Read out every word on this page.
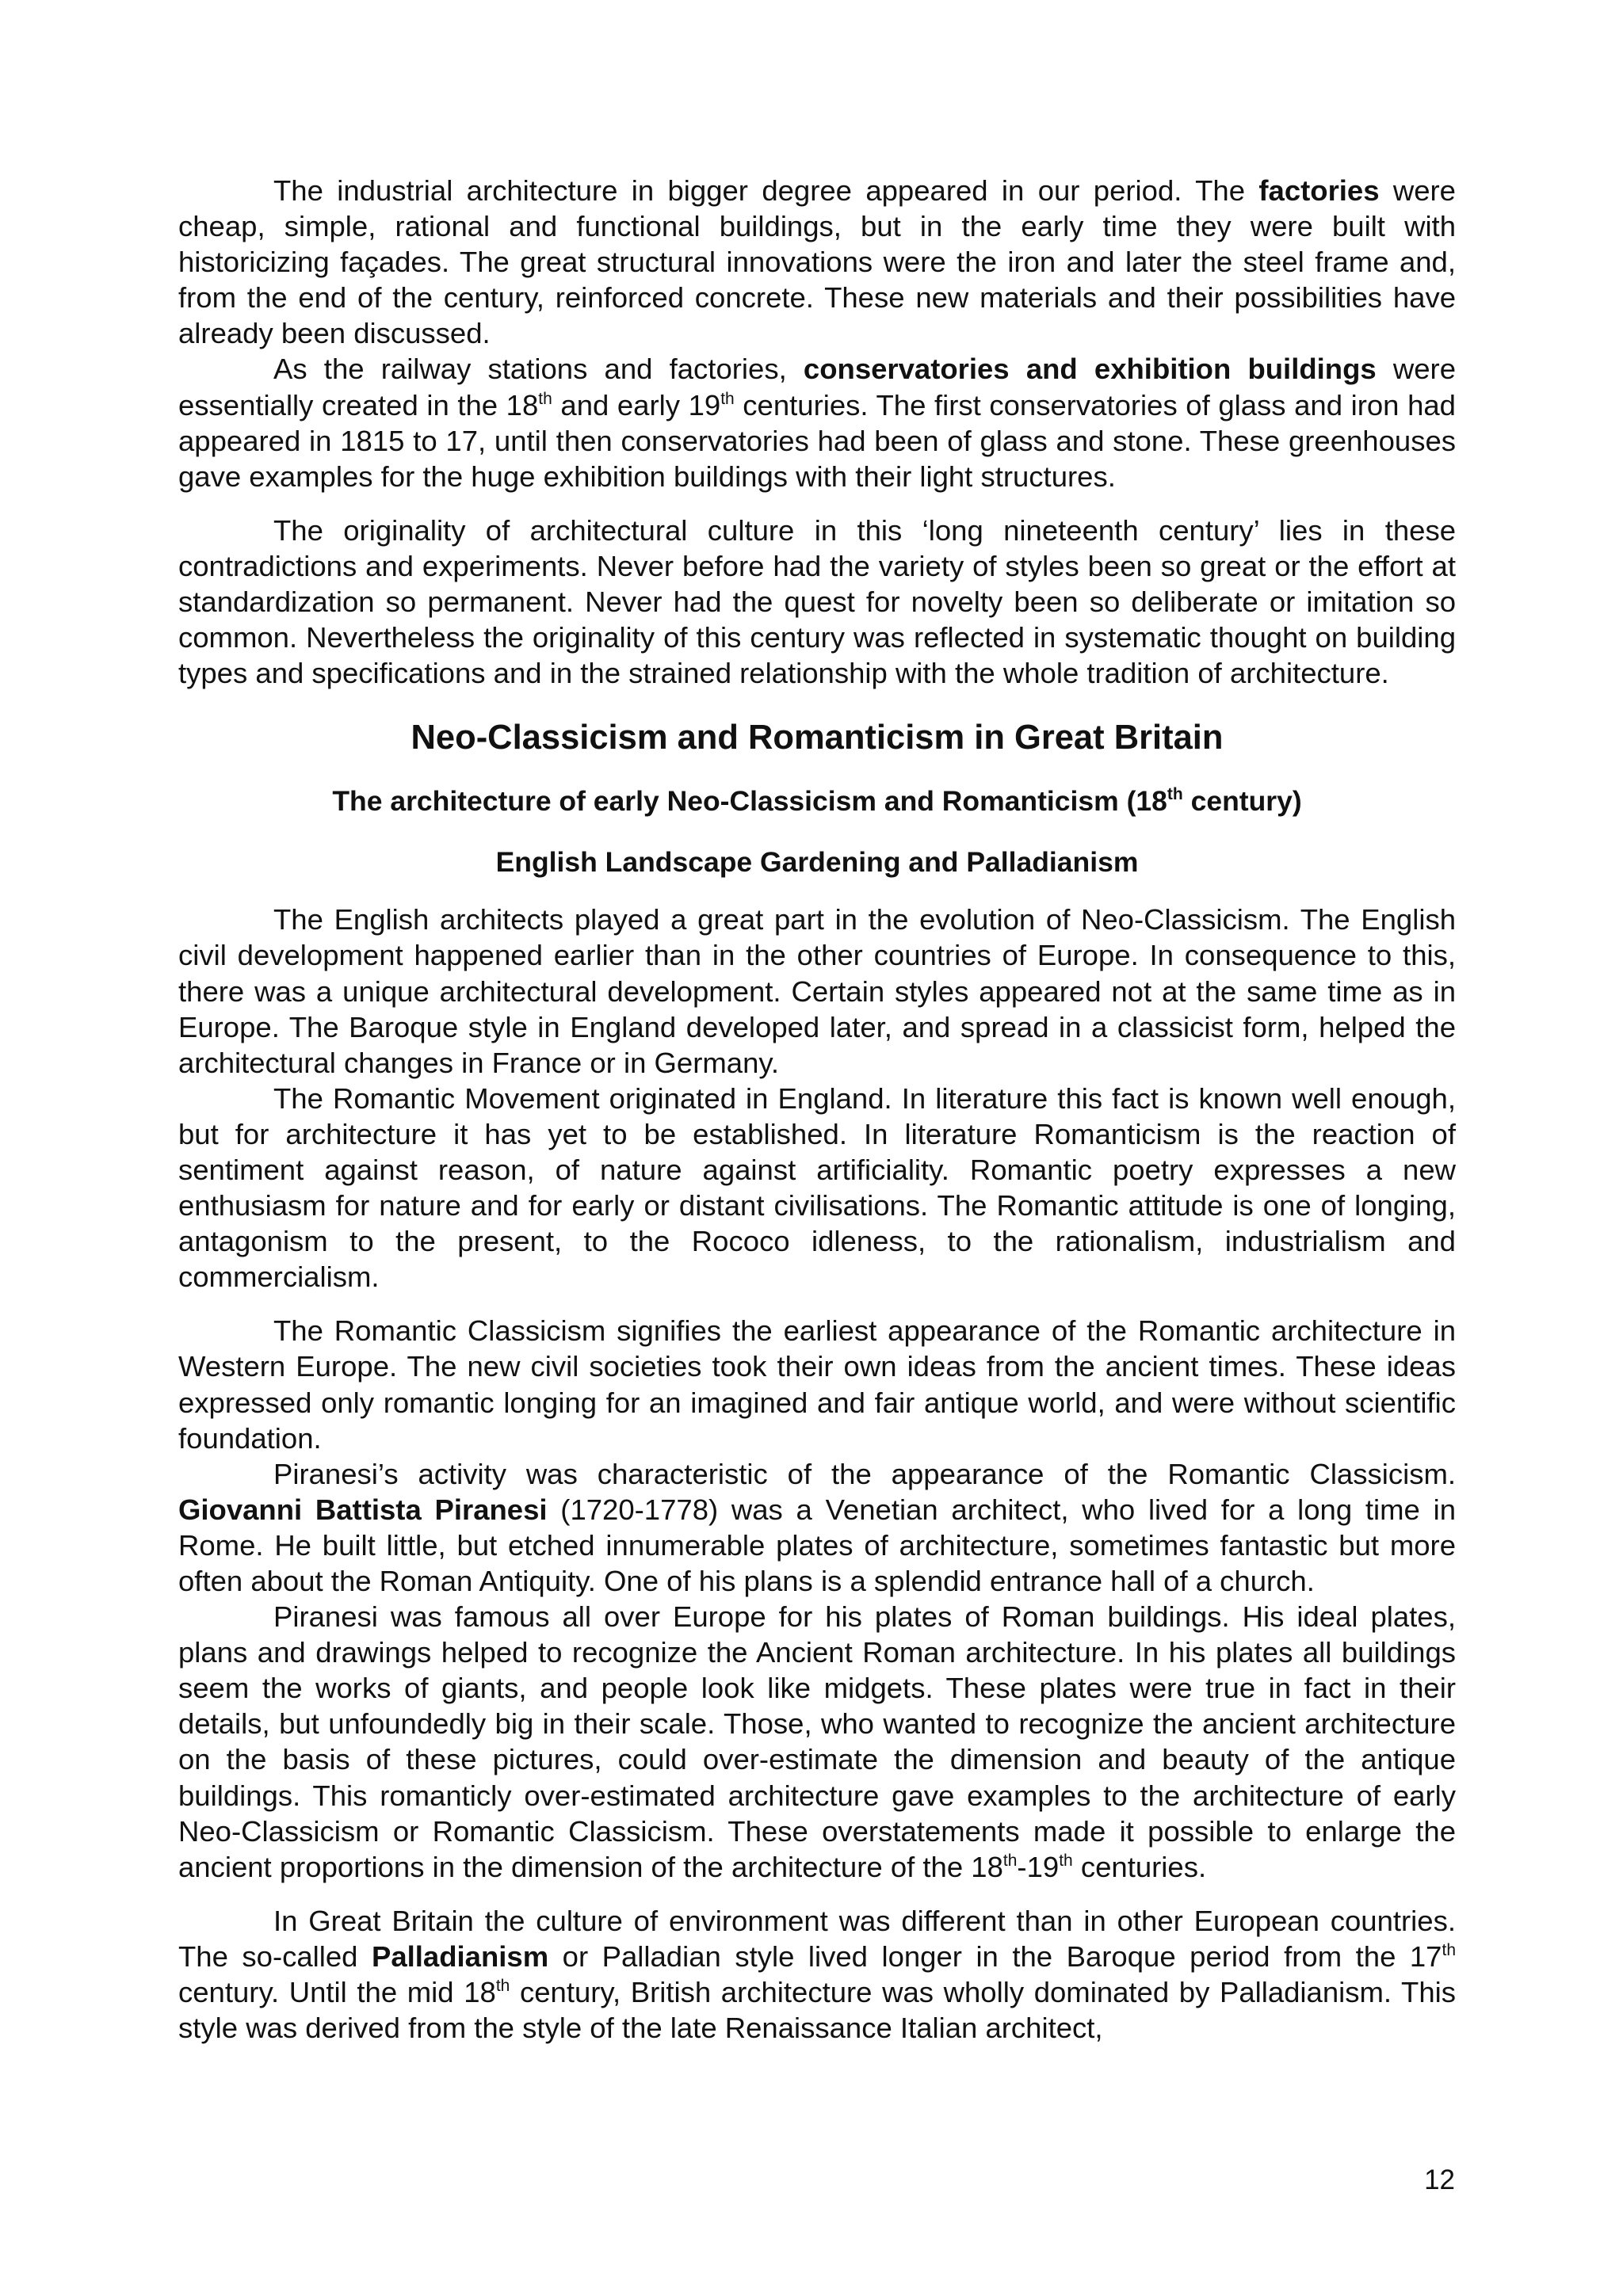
The industrial architecture in bigger degree appeared in our period. The factories were cheap, simple, rational and functional buildings, but in the early time they were built with historicizing façades. The great structural innovations were the iron and later the steel frame and, from the end of the century, reinforced concrete. These new materials and their possibilities have already been discussed.

As the railway stations and factories, conservatories and exhibition buildings were essentially created in the 18th and early 19th centuries. The first conservatories of glass and iron had appeared in 1815 to 17, until then conservatories had been of glass and stone. These greenhouses gave examples for the huge exhibition buildings with their light structures.

The originality of architectural culture in this ‘long nineteenth century’ lies in these contradictions and experiments. Never before had the variety of styles been so great or the effort at standardization so permanent. Never had the quest for novelty been so deliberate or imitation so common. Nevertheless the originality of this century was reflected in systematic thought on building types and specifications and in the strained relationship with the whole tradition of architecture.

Neo-Classicism and Romanticism in Great Britain
The architecture of early Neo-Classicism and Romanticism (18th century)
English Landscape Gardening and Palladianism

The English architects played a great part in the evolution of Neo-Classicism. The English civil development happened earlier than in the other countries of Europe. In consequence to this, there was a unique architectural development. Certain styles appeared not at the same time as in Europe. The Baroque style in England developed later, and spread in a classicist form, helped the architectural changes in France or in Germany.

The Romantic Movement originated in England. In literature this fact is known well enough, but for architecture it has yet to be established. In literature Romanticism is the reaction of sentiment against reason, of nature against artificiality. Romantic poetry expresses a new enthusiasm for nature and for early or distant civilisations. The Romantic attitude is one of longing, antagonism to the present, to the Rococo idleness, to the rationalism, industrialism and commercialism.

The Romantic Classicism signifies the earliest appearance of the Romantic architecture in Western Europe. The new civil societies took their own ideas from the ancient times. These ideas expressed only romantic longing for an imagined and fair antique world, and were without scientific foundation.

Piranesi’s activity was characteristic of the appearance of the Romantic Classicism. Giovanni Battista Piranesi (1720-1778) was a Venetian architect, who lived for a long time in Rome. He built little, but etched innumerable plates of architecture, sometimes fantastic but more often about the Roman Antiquity. One of his plans is a splendid entrance hall of a church.

Piranesi was famous all over Europe for his plates of Roman buildings. His ideal plates, plans and drawings helped to recognize the Ancient Roman architecture. In his plates all buildings seem the works of giants, and people look like midgets. These plates were true in fact in their details, but unfoundedly big in their scale. Those, who wanted to recognize the ancient architecture on the basis of these pictures, could over-estimate the dimension and beauty of the antique buildings. This romanticly over-estimated architecture gave examples to the architecture of early Neo-Classicism or Romantic Classicism. These overstatements made it possible to enlarge the ancient proportions in the dimension of the architecture of the 18th-19th centuries.

In Great Britain the culture of environment was different than in other European countries. The so-called Palladianism or Palladian style lived longer in the Baroque period from the 17th century. Until the mid 18th century, British architecture was wholly dominated by Palladianism. This style was derived from the style of the late Renaissance Italian architect,

12
